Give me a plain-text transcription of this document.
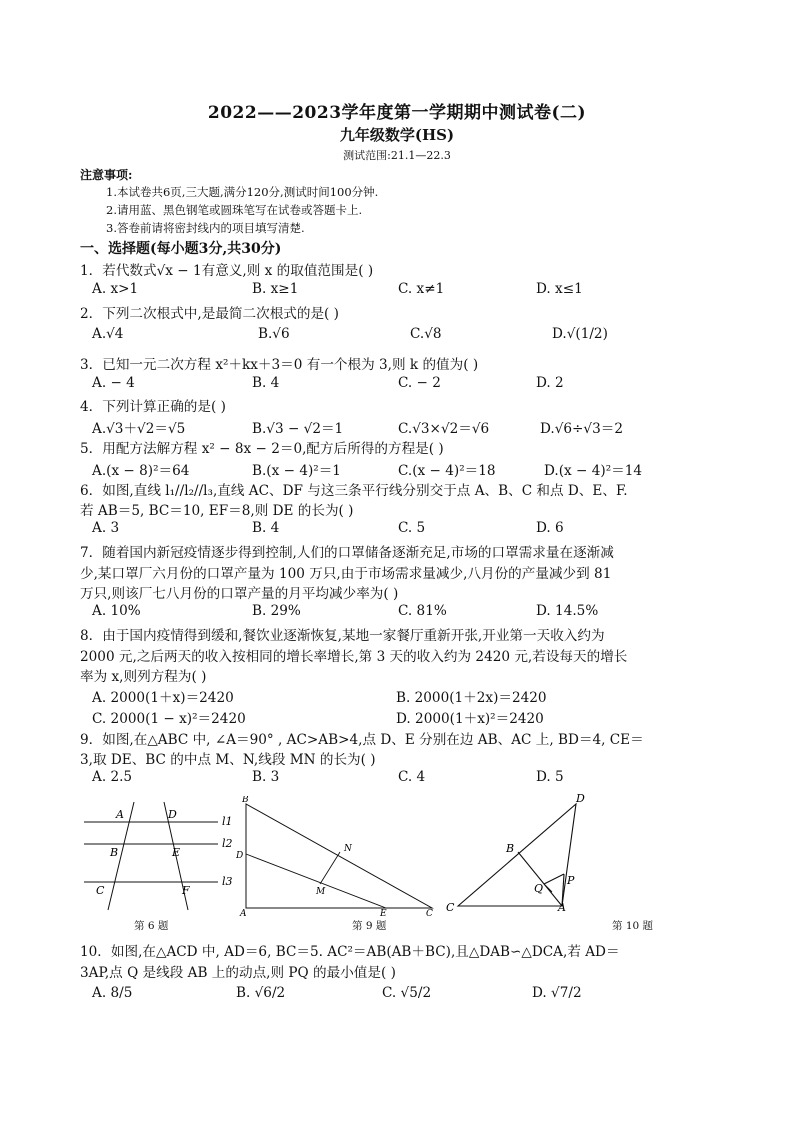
2022——2023学年度第一学期期中测试卷(二)
九年级数学(HS)
测试范围:21.1—22.3
注意事项:
1.本试卷共6页,三大题,满分120分,测试时间100分钟.
2.请用蓝、黑色钢笔或圆珠笔写在试卷或答题卡上.
3.答卷前请将密封线内的项目填写清楚.
一、选择题(每小题3分,共30分)
1．若代数式√x − 1有意义,则 x 的取值范围是( )
A. x>1	B. x≥1	C. x≠1	D. x≤1
2．下列二次根式中,是最简二次根式的是( )
A.√4	B.√6	C.√8	D.√(1/2)
3．已知一元二次方程 x²＋kx＋3＝0 有一个根为 3,则 k 的值为( )
A. − 4	B. 4	C. − 2	D. 2
4．下列计算正确的是( )
A.√3＋√2＝√5	B.√3 − √2＝1	C.√3×√2＝√6	D.√6÷√3＝2
5．用配方法解方程 x² − 8x − 2＝0,配方后所得的方程是( )
A.(x − 8)²＝64	B.(x − 4)²＝1	C.(x − 4)²＝18	D.(x − 4)²＝14
6．如图,直线 l₁//l₂//l₃,直线 AC、DF 与这三条平行线分别交于点 A、B、C 和点 D、E、F.
若 AB＝5, BC＝10, EF＝8,则 DE 的长为( )
A. 3	B. 4	C. 5	D. 6
7．随着国内新冠疫情逐步得到控制,人们的口罩储备逐渐充足,市场的口罩需求量在逐渐减
少,某口罩厂六月份的口罩产量为 100 万只,由于市场需求量减少,八月份的产量减少到 81
万只,则该厂七八月份的口罩产量的月平均减少率为( )
A. 10%	B. 29%	C. 81%	D. 14.5%
8．由于国内疫情得到缓和,餐饮业逐渐恢复,某地一家餐厅重新开张,开业第一天收入约为
2000 元,之后两天的收入按相同的增长率增长,第 3 天的收入约为 2420 元,若设每天的增长
率为 x,则列方程为( )
A. 2000(1＋x)＝2420	B. 2000(1＋2x)＝2420
C. 2000(1 − x)²＝2420	D. 2000(1＋x)²＝2420
9．如图,在△ABC 中, ∠A＝90° , AC>AB>4,点 D、E 分别在边 AB、AC 上, BD＝4, CE＝
3,取 DE、BC 的中点 M、N,线段 MN 的长为( )
A. 2.5	B. 3	C. 4	D. 5
A	D
B	E
C	F
l1
l2
l3
第 6 题
B
N
D
M
A	E	C
第 9 题
D
B
P
Q
C	A
第 10 题
10．如图,在△ACD 中, AD＝6, BC＝5. AC²＝AB(AB＋BC),且△DAB∽△DCA,若 AD＝
3AP,点 Q 是线段 AB 上的动点,则 PQ 的最小值是( )
A. 8/5	B. √6/2	C. √5/2	D. √7/2
